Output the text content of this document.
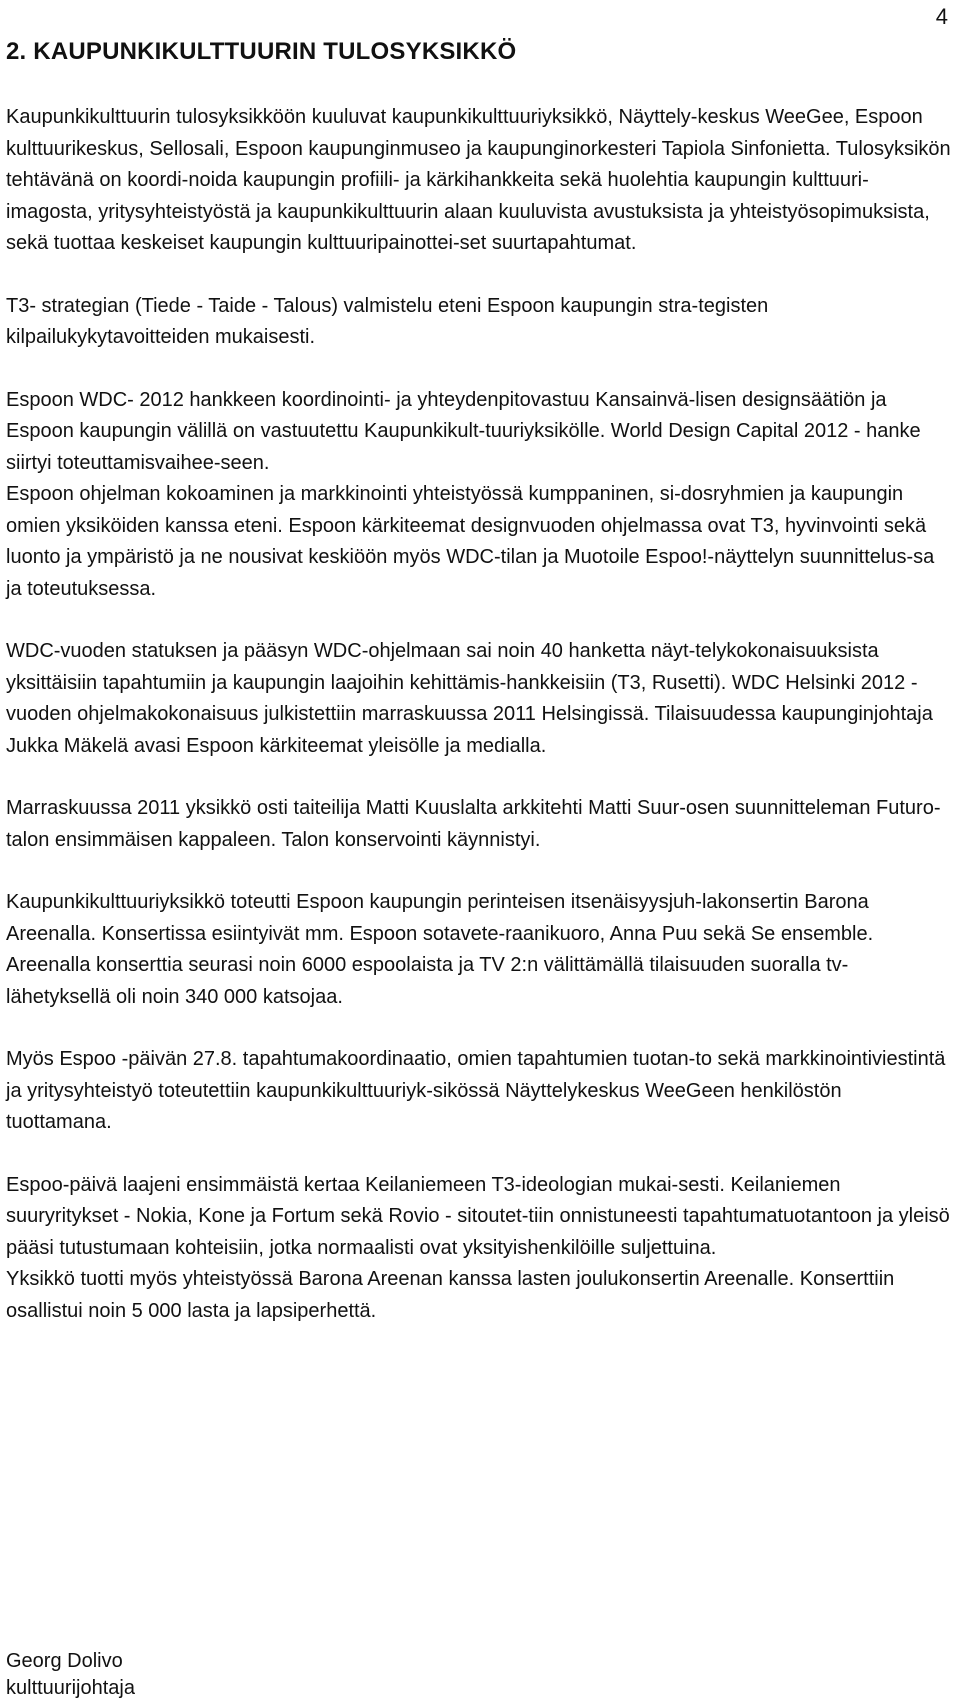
4
2. KAUPUNKIKULTTUURIN TULOSYKSIKKÖ

Kaupunkikulttuurin tulosyksikköön kuuluvat kaupunkikulttuuriyksikkö, Näyttely-keskus WeeGee, Espoon kulttuurikeskus, Sellosali, Espoon kaupunginmuseo ja kaupunginorkesteri Tapiola Sinfonietta. Tulosyksikön tehtävänä on koordi-noida kaupungin profiili- ja kärkihankkeita sekä huolehtia kaupungin kulttuuri-imagosta, yritysyhteistyöstä ja kaupunkikulttuurin alaan kuuluvista avustuksista ja yhteistyösopimuksista, sekä tuottaa keskeiset kaupungin kulttuuripainottei-set suurtapahtumat.

T3- strategian (Tiede - Taide - Talous) valmistelu eteni Espoon kaupungin stra-tegisten kilpailukykytavoitteiden mukaisesti.

Espoon WDC- 2012 hankkeen koordinointi- ja yhteydenpitovastuu Kansainvä-lisen designsäätiön ja Espoon kaupungin välillä on vastuutettu Kaupunkikult-tuuriyksikölle. World Design Capital 2012 - hanke siirtyi toteuttamisvaihee-seen.

Espoon ohjelman kokoaminen ja markkinointi yhteistyössä kumppaninen, si-dosryhmien ja kaupungin omien yksiköiden kanssa eteni. Espoon kärkiteemat designvuoden ohjelmassa ovat T3, hyvinvointi sekä luonto ja ympäristö ja ne nousivat keskiöön myös WDC-tilan ja Muotoile Espoo!-näyttelyn suunnittelus-sa ja toteutuksessa.

WDC-vuoden statuksen ja pääsyn WDC-ohjelmaan sai noin 40 hanketta näyt-telykokonaisuuksista yksittäisiin tapahtumiin ja kaupungin laajoihin kehittämis-hankkeisiin (T3, Rusetti). WDC Helsinki 2012 -vuoden ohjelmakokonaisuus julkistettiin marraskuussa 2011 Helsingissä. Tilaisuudessa kaupunginjohtaja Jukka Mäkelä avasi Espoon kärkiteemat yleisölle ja medialla.

Marraskuussa 2011 yksikkö osti taiteilija Matti Kuuslalta arkkitehti Matti Suur-osen suunnitteleman Futuro-talon ensimmäisen kappaleen. Talon konservointi käynnistyi.

Kaupunkikulttuuriyksikkö toteutti Espoon kaupungin perinteisen itsenäisyysjuh-lakonsertin Barona Areenalla. Konsertissa esiintyivät mm. Espoon sotavete-raanikuoro, Anna Puu sekä Se ensemble. Areenalla konserttia seurasi noin 6000 espoolaista ja TV 2:n välittämällä tilaisuuden suoralla tv-lähetyksellä oli noin 340 000 katsojaa.

Myös Espoo -päivän 27.8. tapahtumakoordinaatio, omien tapahtumien tuotan-to sekä markkinointiviestintä ja yritysyhteistyö toteutettiin kaupunkikulttuuriyk-sikössä Näyttelykeskus WeeGeen henkilöstön tuottamana.

Espoo-päivä laajeni ensimmäistä kertaa Keilaniemeen T3-ideologian mukai-sesti. Keilaniemen suuryritykset - Nokia, Kone ja Fortum sekä Rovio - sitoutet-tiin onnistuneesti tapahtumatuotantoon ja yleisö pääsi tutustumaan kohteisiin, jotka normaalisti ovat yksityishenkilöille suljettuina.

Yksikkö tuotti myös yhteistyössä Barona Areenan kanssa lasten joulukonsertin Areenalle. Konserttiin osallistui noin 5 000 lasta ja lapsiperhettä.

Georg Dolivo
kulttuurijohtaja
